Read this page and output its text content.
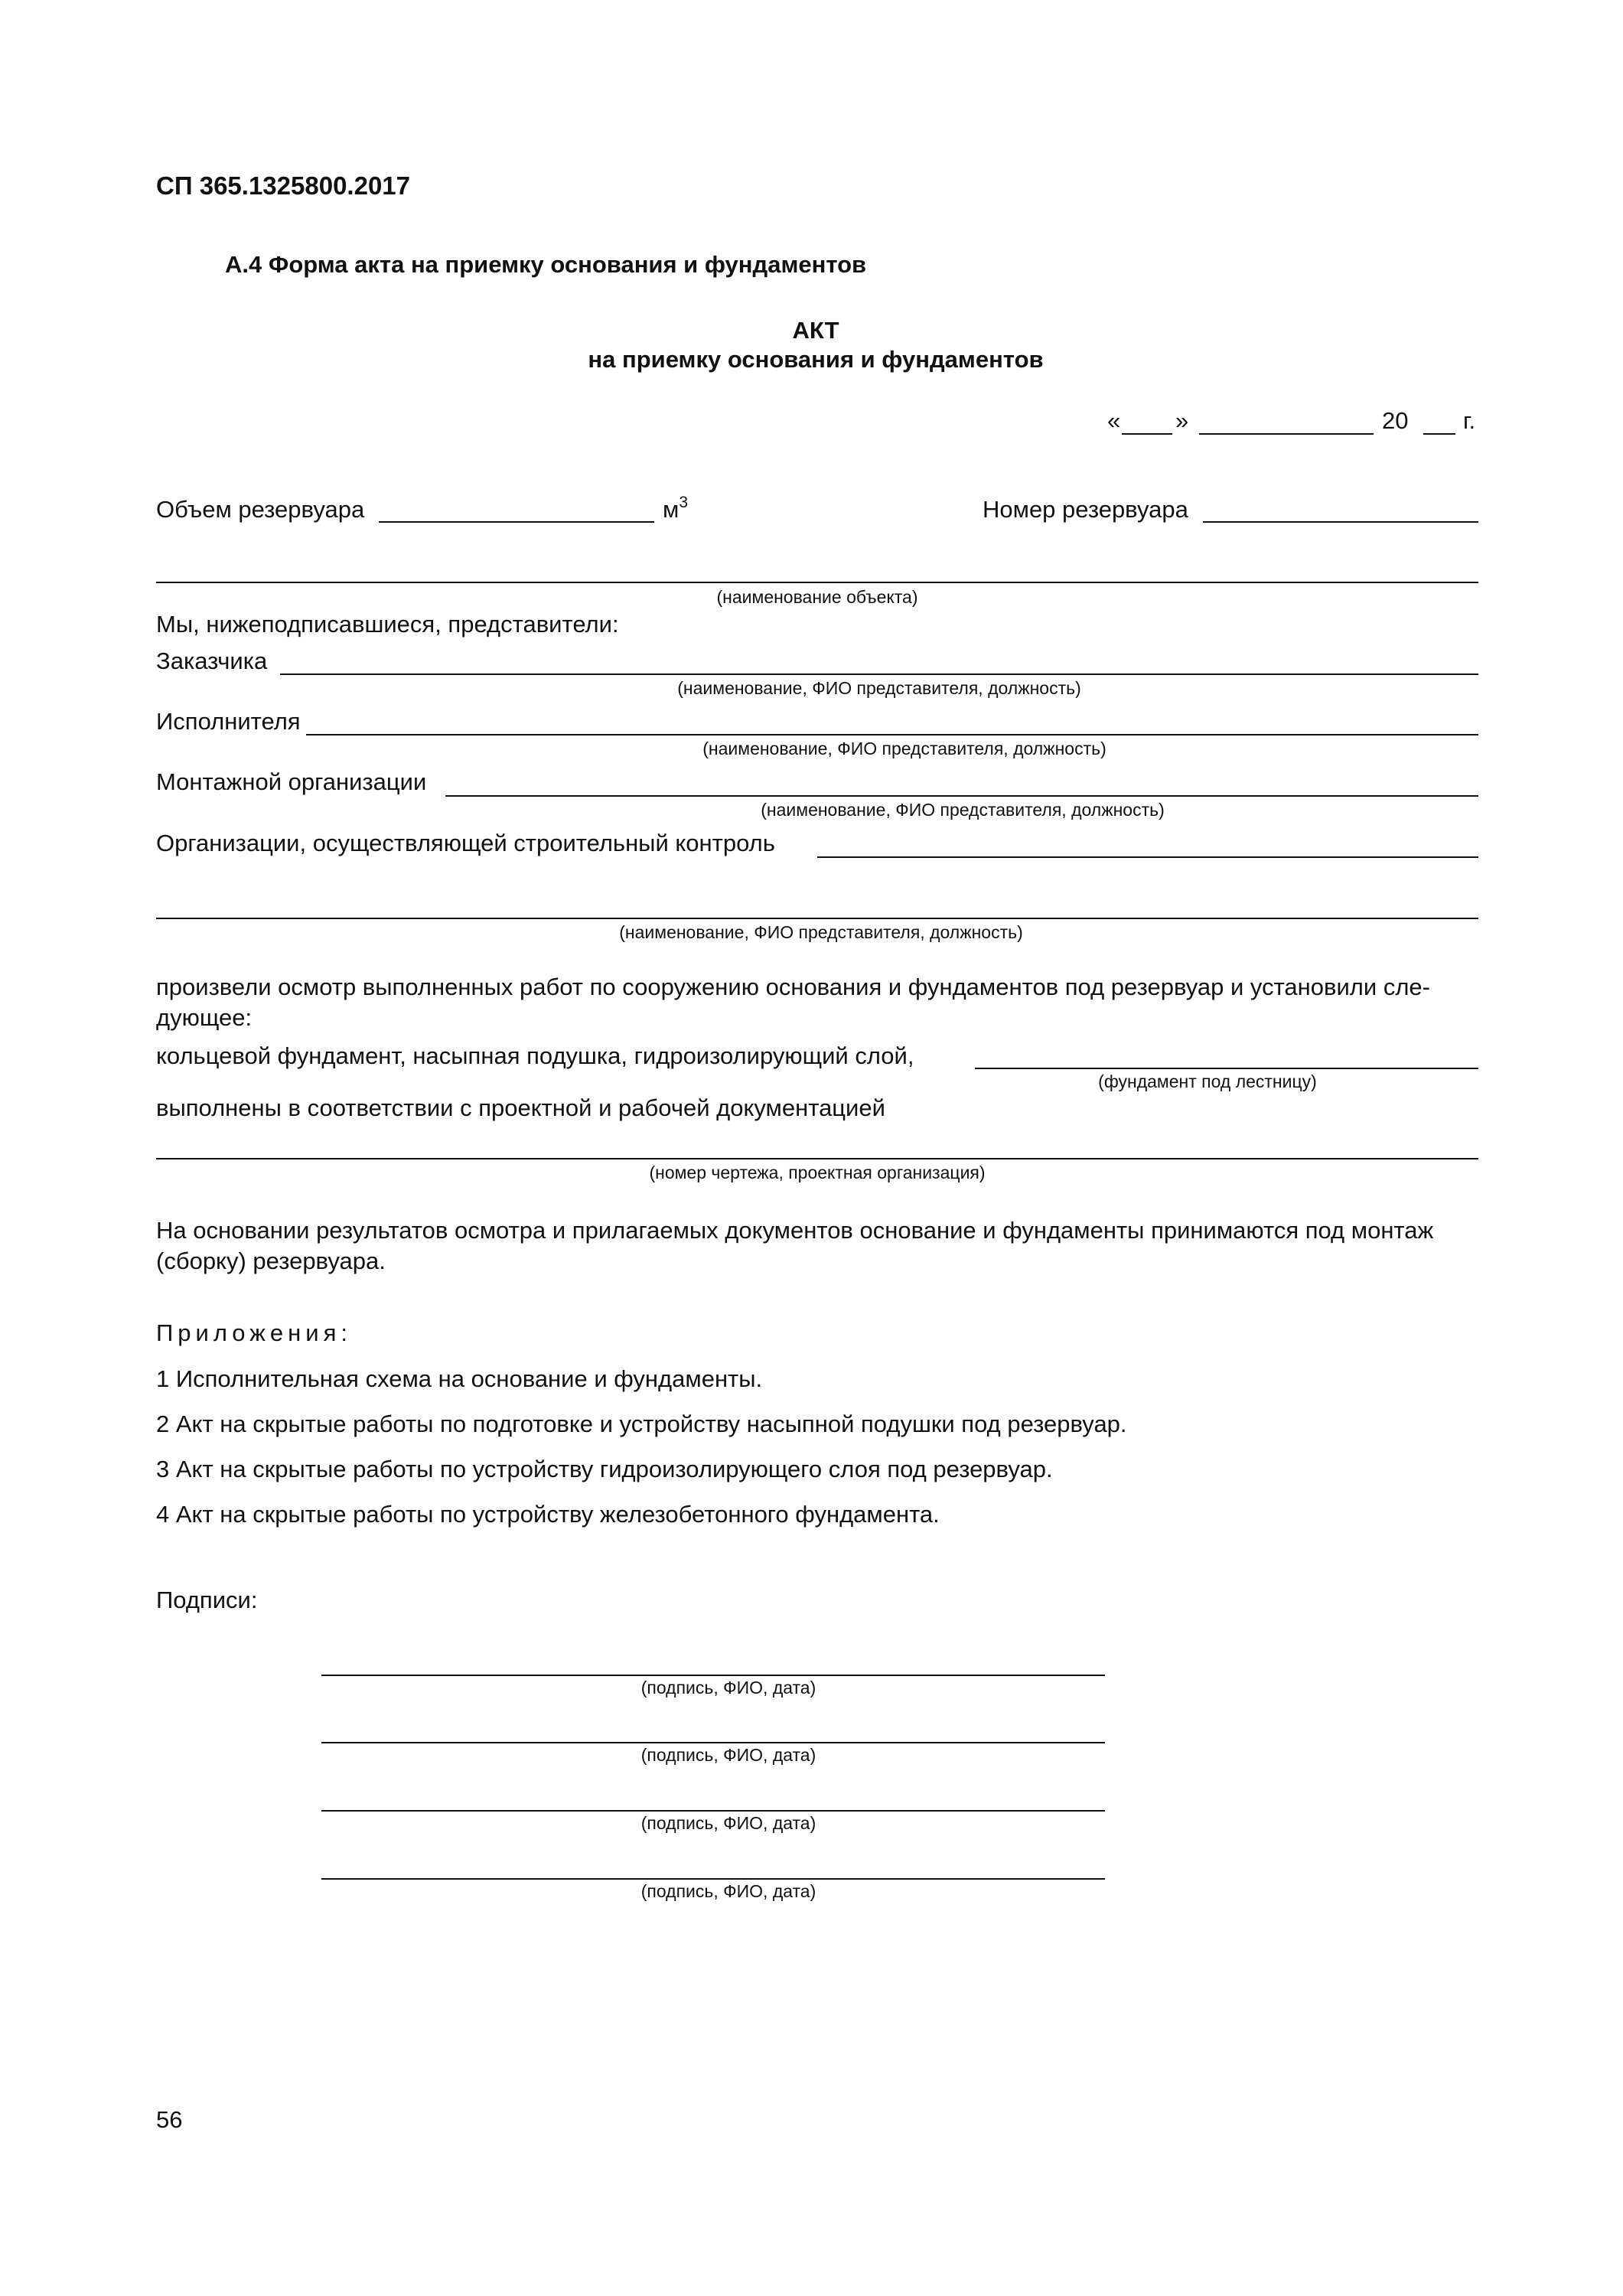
СП 365.1325800.2017
А.4 Форма акта на приемку основания и фундаментов
АКТ
на приемку основания и фундаментов
« »	20 г.
Объем резервуара	$м^3$	Номер резервуара
(наименование объекта)
Мы, нижеподписавшиеся, представители:
Заказчика
(наименование, ФИО представителя, должность)
Исполнителя
(наименование, ФИО представителя, должность)
Монтажной организации
(наименование, ФИО представителя, должность)
Организации, осуществляющей строительный контроль
(наименование, ФИО представителя, должность)
произвели осмотр выполненных работ по сооружению основания и фундаментов под резервуар и установили сле-
дующее:
кольцевой фундамент, насыпная подушка, гидроизолирующий слой,
(фундамент под лестницу)
выполнены в соответствии с проектной и рабочей документацией
(номер чертежа, проектная организация)
На основании результатов осмотра и прилагаемых документов основание и фундаменты принимаются под монтаж
(сборку) резервуара.
Приложения:
1 Исполнительная схема на основание и фундаменты.
2 Акт на скрытые работы по подготовке и устройству насыпной подушки под резервуар.
3 Акт на скрытые работы по устройству гидроизолирующего слоя под резервуар.
4 Акт на скрытые работы по устройству железобетонного фундамента.
Подписи:
(подпись, ФИО, дата)
(подпись, ФИО, дата)
(подпись, ФИО, дата)
(подпись, ФИО, дата)
56
